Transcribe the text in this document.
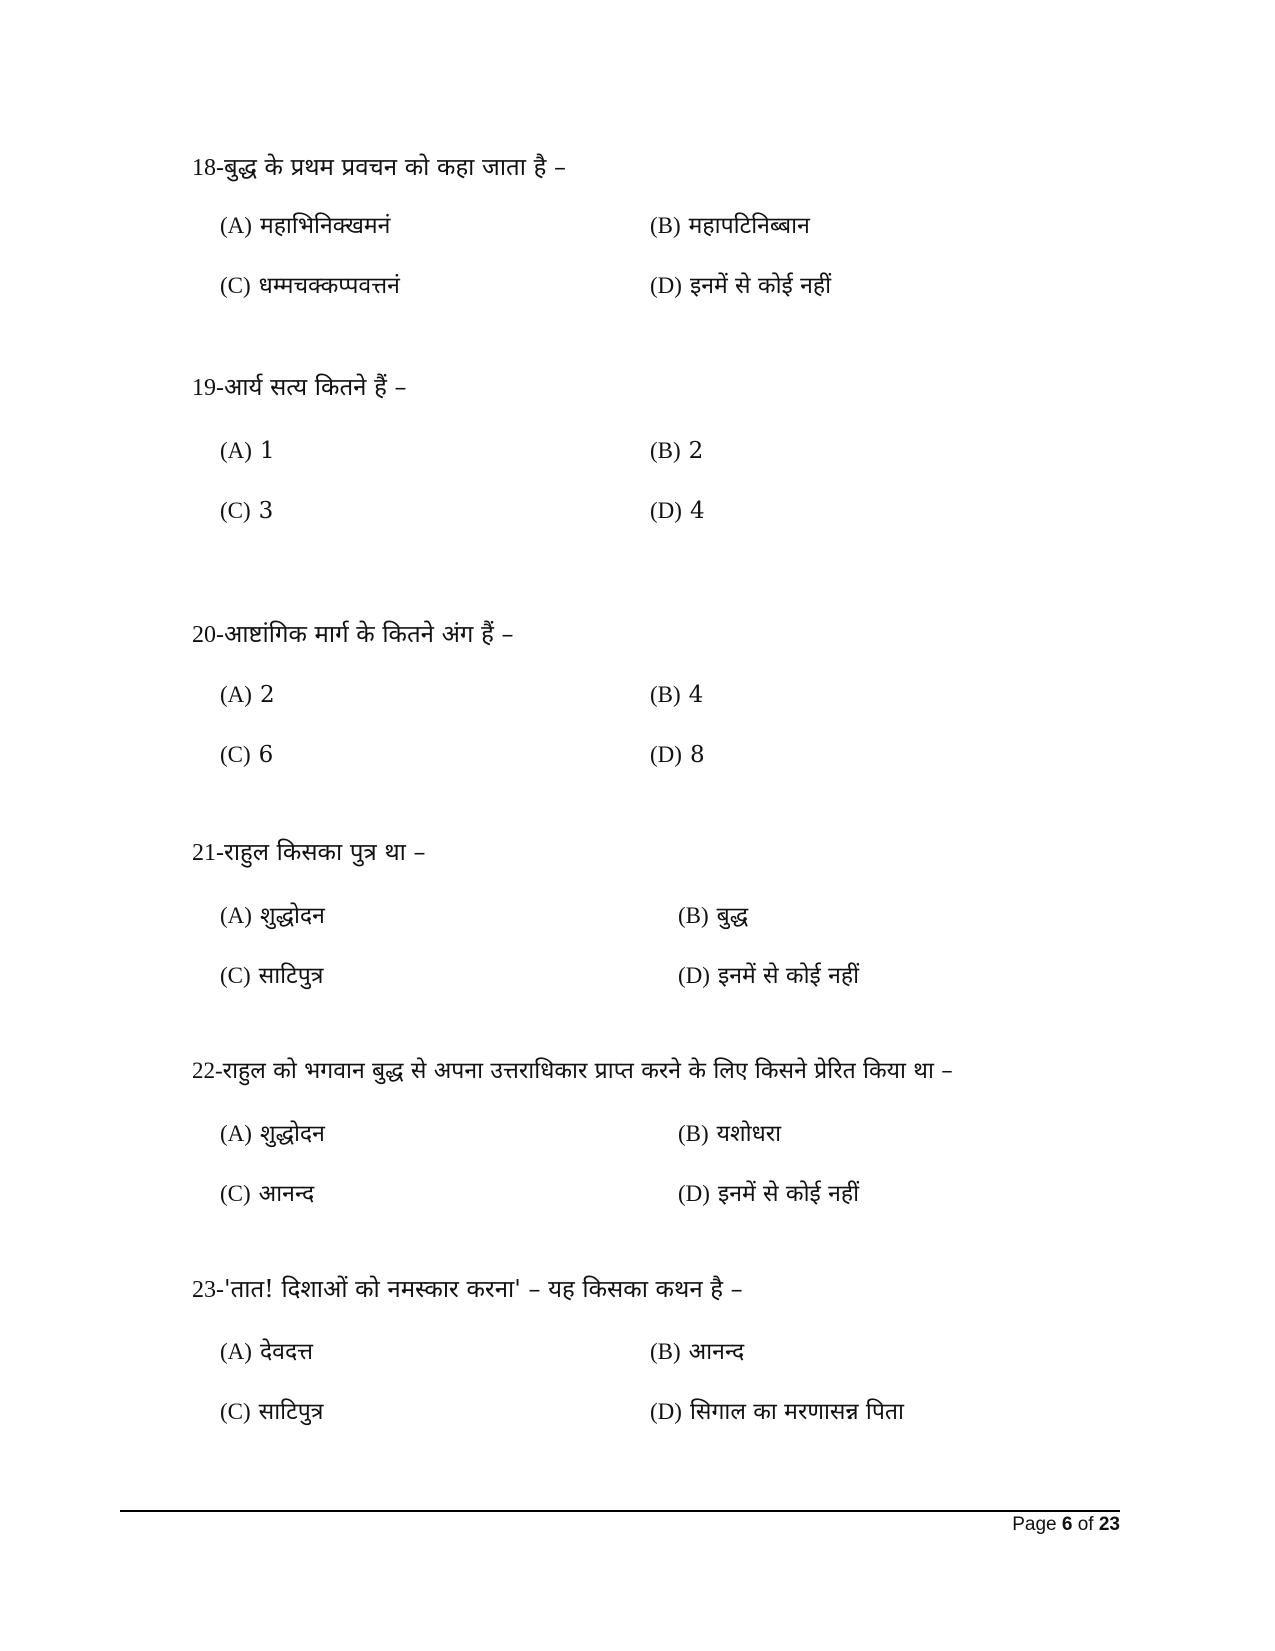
18-बुद्ध के प्रथम प्रवचन को कहा जाता है –
(A) महाभिनिक्खमनं	(B) महापटिनिब्बान
(C) धम्मचक्कप्पवत्तनं	(D) इनमें से कोई नहीं
19-आर्य सत्य कितने हैं –
(A) 1	(B) 2
(C) 3	(D) 4
20-आष्टांगिक मार्ग के कितने अंग हैं –
(A) 2	(B) 4
(C) 6	(D) 8
21-राहुल किसका पुत्र था –
(A) शुद्धोदन	(B) बुद्ध
(C) साटिपुत्र	(D) इनमें से कोई नहीं
22-राहुल को भगवान बुद्ध से अपना उत्तराधिकार प्राप्त करने के लिए किसने प्रेरित किया था –
(A) शुद्धोदन	(B) यशोधरा
(C) आनन्द	(D) इनमें से कोई नहीं
23-'तात! दिशाओं को नमस्कार करना' – यह किसका कथन है –
(A) देवदत्त	(B) आनन्द
(C) साटिपुत्र	(D) सिगाल का मरणासन्न पिता
Page 6 of 23
